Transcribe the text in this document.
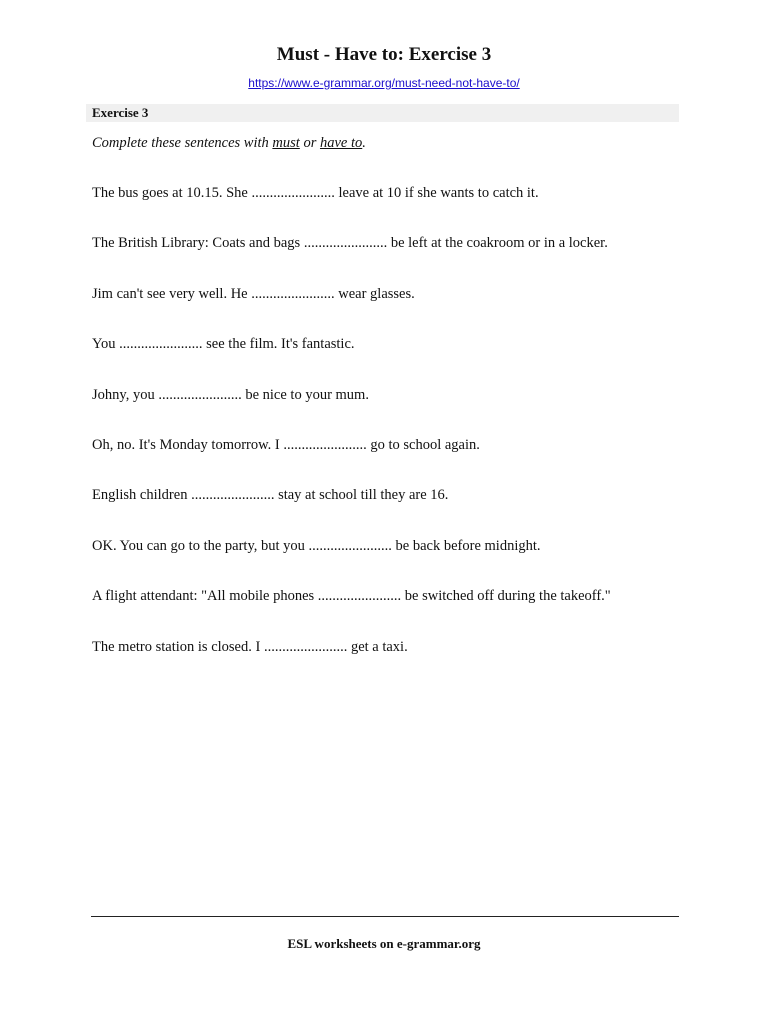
Must - Have to: Exercise 3
https://www.e-grammar.org/must-need-not-have-to/
Exercise 3
Complete these sentences with must or have to.
The bus goes at 10.15. She ....................... leave at 10 if she wants to catch it.
The British Library: Coats and bags ....................... be left at the coakroom or in a locker.
Jim can't see very well. He ....................... wear glasses.
You ....................... see the film. It's fantastic.
Johny, you ....................... be nice to your mum.
Oh, no. It's Monday tomorrow. I ....................... go to school again.
English children ....................... stay at school till they are 16.
OK. You can go to the party, but you ....................... be back before midnight.
A flight attendant: "All mobile phones ....................... be switched off during the takeoff."
The metro station is closed. I ....................... get a taxi.
ESL worksheets on e-grammar.org
